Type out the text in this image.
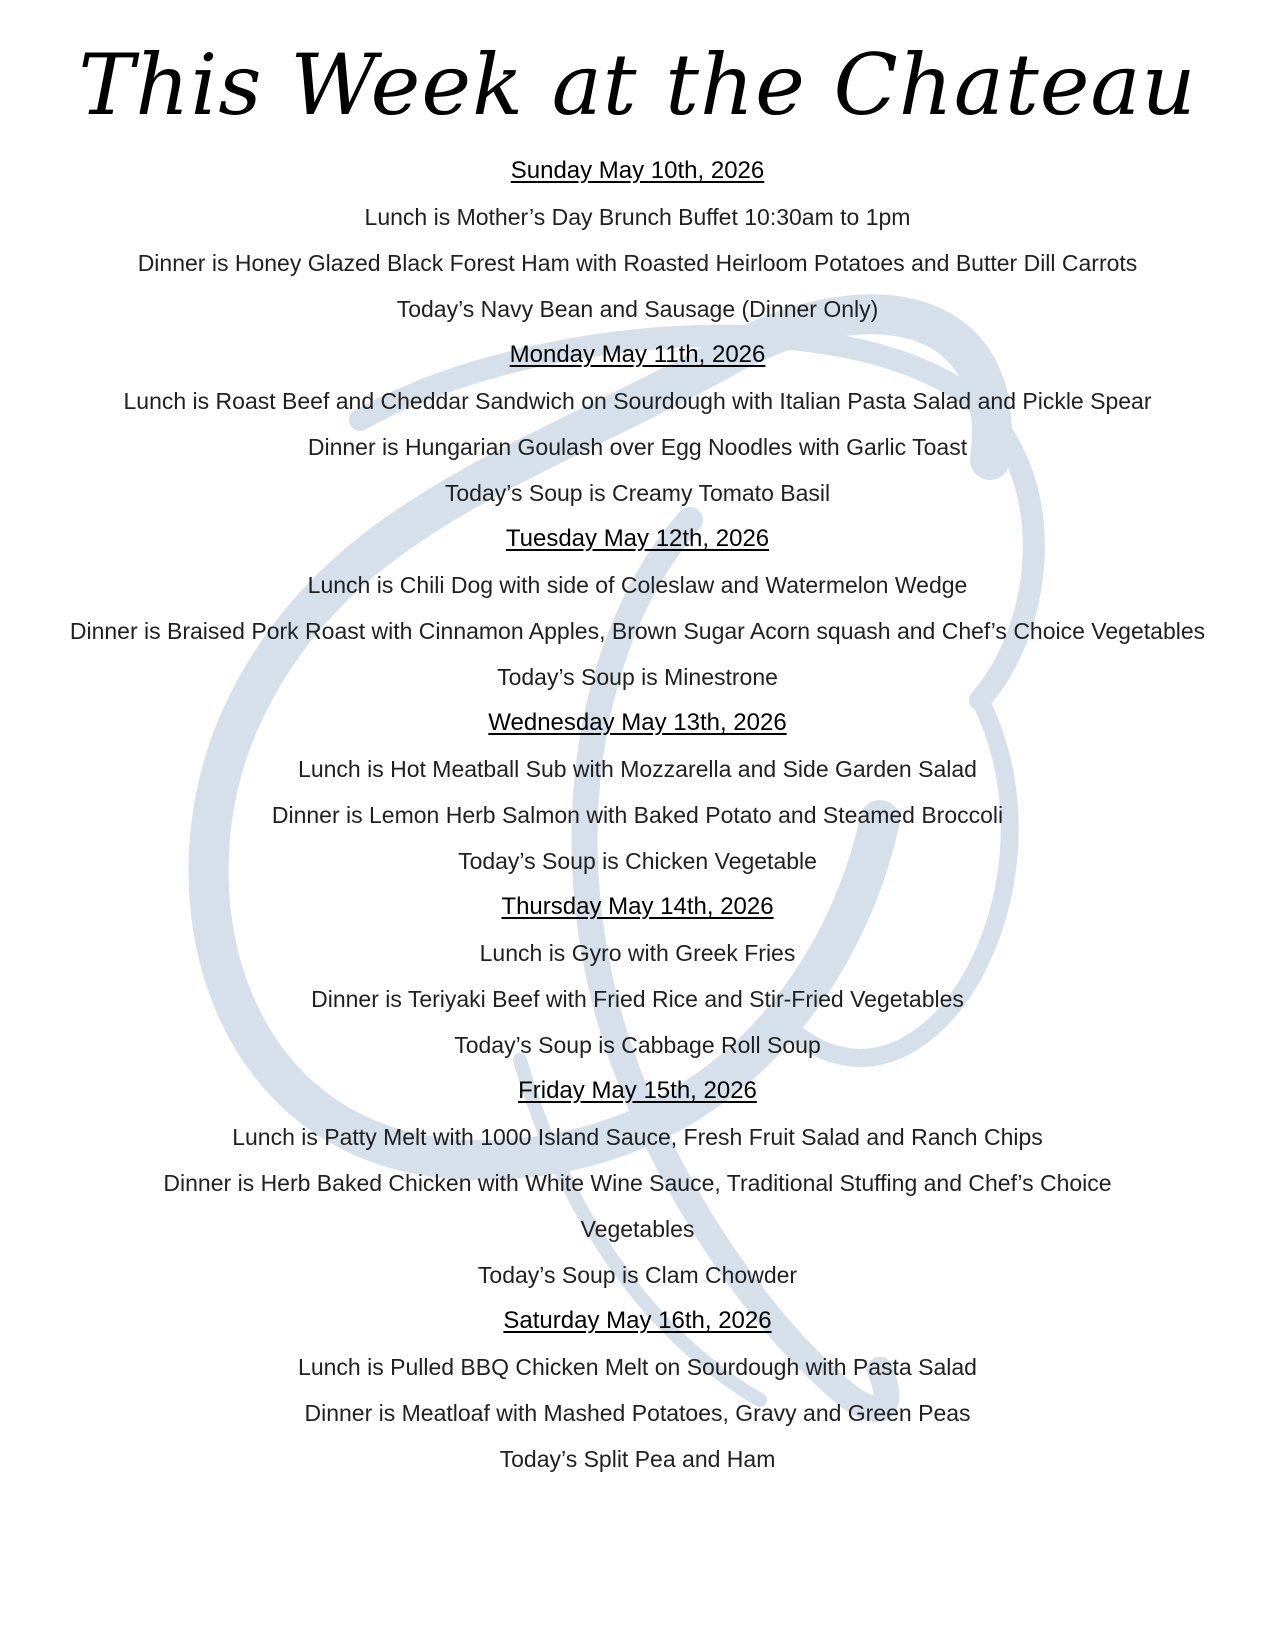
This Week at the Chateau
Sunday May 10th, 2026
Lunch is Mother’s Day Brunch Buffet 10:30am to 1pm
Dinner is Honey Glazed Black Forest Ham with Roasted Heirloom Potatoes and Butter Dill Carrots
Today’s Navy Bean and Sausage (Dinner Only)
Monday May 11th, 2026
Lunch is Roast Beef and Cheddar Sandwich on Sourdough with Italian Pasta Salad and Pickle Spear
Dinner is Hungarian Goulash over Egg Noodles with Garlic Toast
Today’s Soup is Creamy Tomato Basil
Tuesday May 12th, 2026
Lunch is Chili Dog with side of Coleslaw and Watermelon Wedge
Dinner is Braised Pork Roast with Cinnamon Apples, Brown Sugar Acorn squash and Chef’s Choice Vegetables
Today’s Soup is Minestrone
Wednesday May 13th, 2026
Lunch is Hot Meatball Sub with Mozzarella and Side Garden Salad
Dinner is Lemon Herb Salmon with Baked Potato and Steamed Broccoli
Today’s Soup is Chicken Vegetable
Thursday May 14th, 2026
Lunch is Gyro with Greek Fries
Dinner is Teriyaki Beef with Fried Rice and Stir-Fried Vegetables
Today’s Soup is Cabbage Roll Soup
Friday May 15th, 2026
Lunch is Patty Melt with 1000 Island Sauce, Fresh Fruit Salad and Ranch Chips
Dinner is Herb Baked Chicken with White Wine Sauce, Traditional Stuffing and Chef’s Choice
Vegetables
Today’s Soup is Clam Chowder
Saturday May 16th, 2026
Lunch is Pulled BBQ Chicken Melt on Sourdough with Pasta Salad
Dinner is Meatloaf with Mashed Potatoes, Gravy and Green Peas
Today’s Split Pea and Ham
